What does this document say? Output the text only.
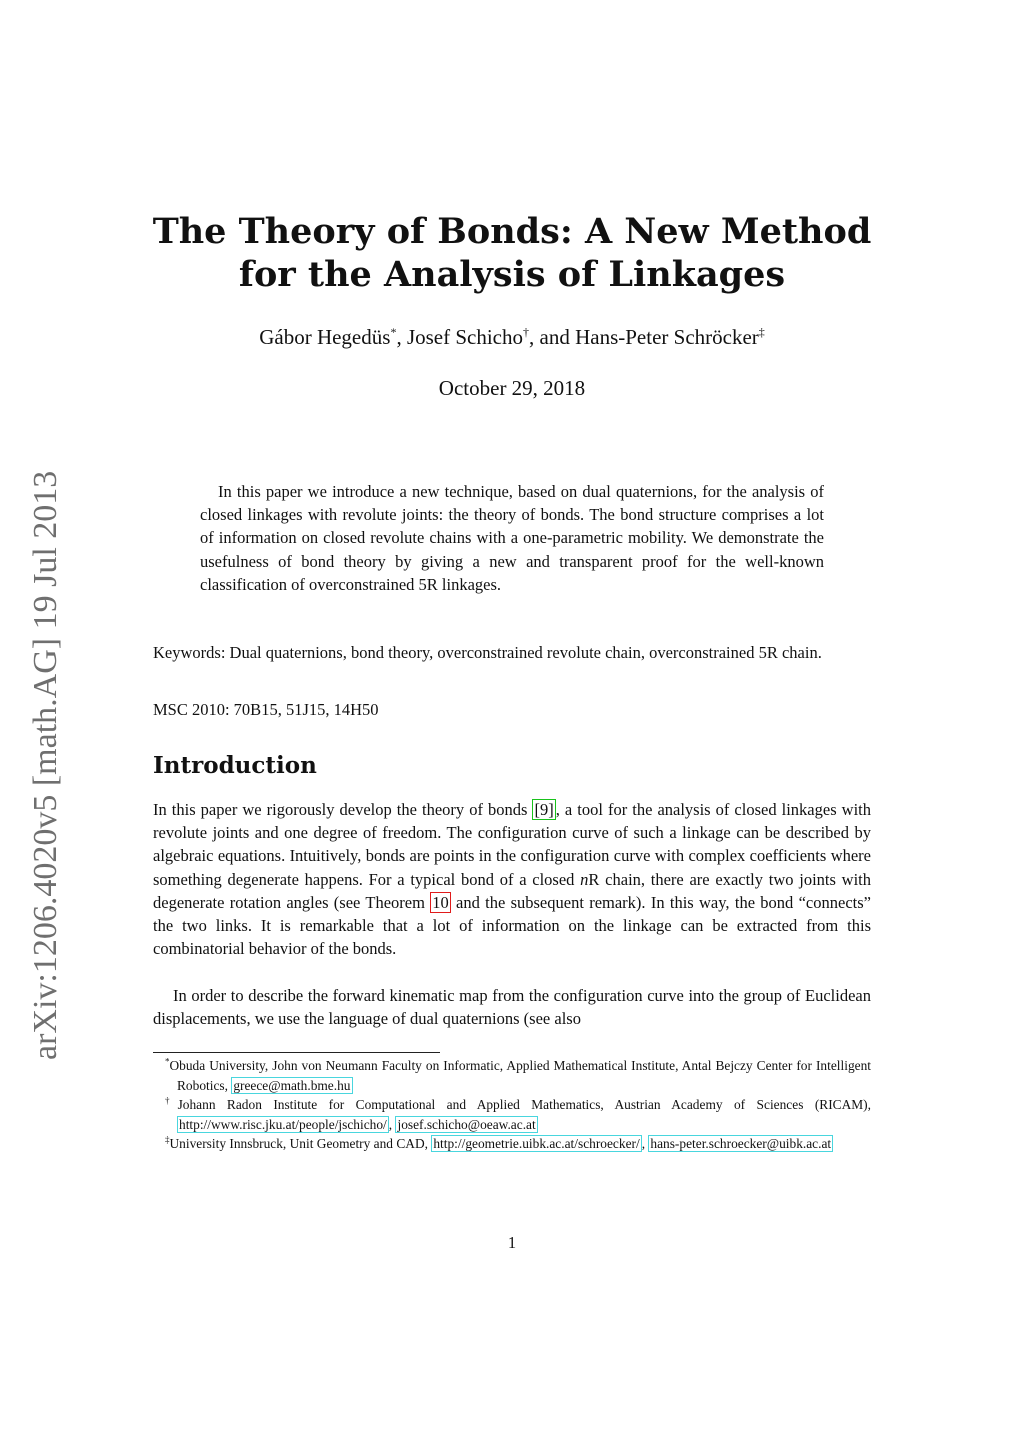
arXiv:1206.4020v5 [math.AG] 19 Jul 2013
The Theory of Bonds: A New Method
for the Analysis of Linkages
Gábor Hegedüs*, Josef Schicho†, and Hans-Peter Schröcker‡
October 29, 2018

In this paper we introduce a new technique, based on dual quaternions, for the analysis of closed linkages with revolute joints: the theory of bonds. The bond structure comprises a lot of information on closed revolute chains with a one-parametric mobility. We demonstrate the usefulness of bond theory by giving a new and transparent proof for the well-known classification of overconstrained 5R linkages.

Keywords: Dual quaternions, bond theory, overconstrained revolute chain, overconstrained 5R chain.

MSC 2010: 70B15, 51J15, 14H50

Introduction

In this paper we rigorously develop the theory of bonds [9] , a tool for the analysis of closed linkages with revolute joints and one degree of freedom. The configuration curve of such a linkage can be described by algebraic equations. Intuitively, bonds are points in the configuration curve with complex coefficients where something degenerate happens. For a typical bond of a closed nR chain, there are exactly two joints with degenerate rotation angles (see Theorem 10 and the subsequent remark). In this way, the bond “connects” the two links. It is remarkable that a lot of information on the linkage can be extracted from this combinatorial behavior of the bonds.

In order to describe the forward kinematic map from the configuration curve into the group of Euclidean displacements, we use the language of dual quaternions (see also

*Obuda University, John von Neumann Faculty on Informatic, Applied Mathematical Institute, Antal Bejczy Center for Intelligent Robotics, greece@math.bme.hu

†Johann Radon Institute for Computational and Applied Mathematics, Austrian Academy of Sciences (RICAM), http://www.risc.jku.at/people/jschicho/ , josef.schicho@oeaw.ac.at

‡University Innsbruck, Unit Geometry and CAD, http://geometrie.uibk.ac.at/schroecker/ , hans-peter.schroecker@uibk.ac.at

1
